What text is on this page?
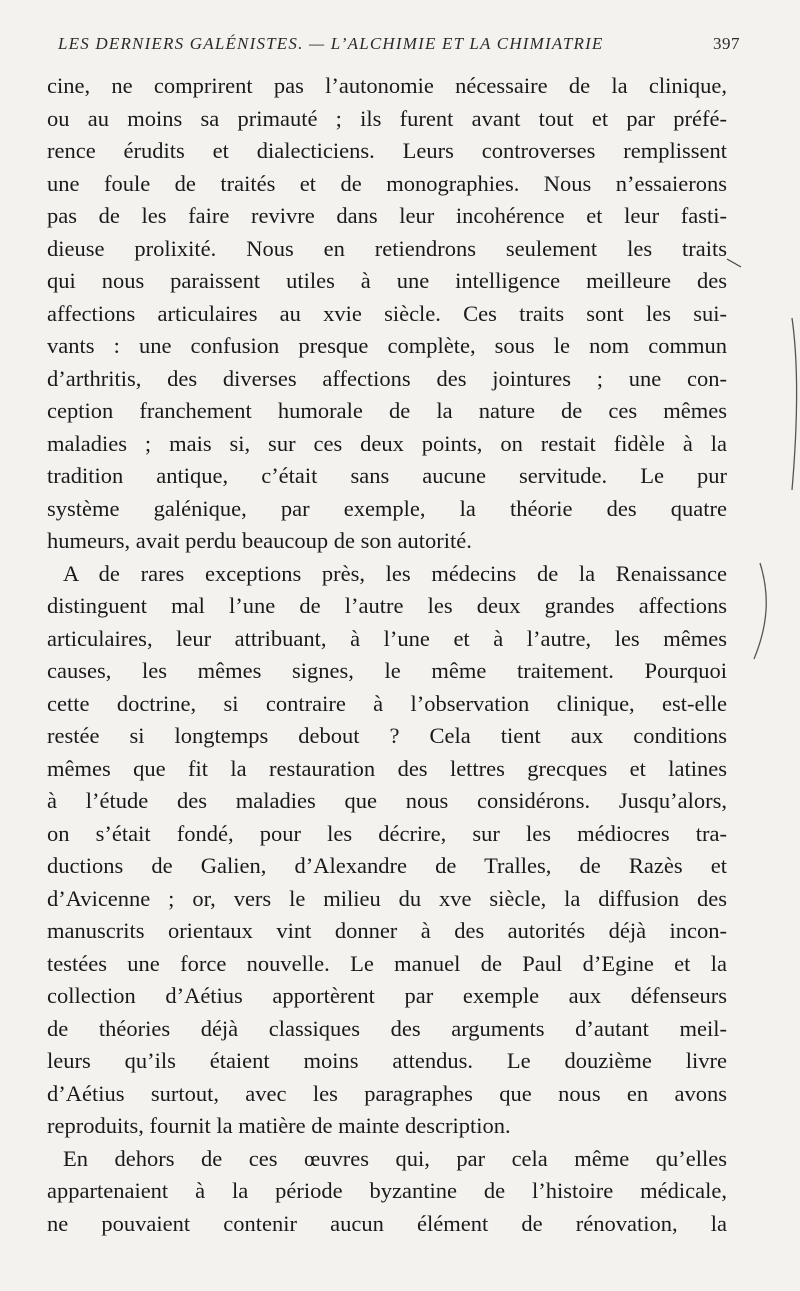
LES DERNIERS GALÉNISTES. — L’ALCHIMIE ET LA CHIMIATRIE	397
cine, ne comprirent pas l’autonomie nécessaire de la clinique,
ou au moins sa primauté ; ils furent avant tout et par préfé-
rence érudits et dialecticiens. Leurs controverses remplissent
une foule de traités et de monographies. Nous n’essaierons
pas de les faire revivre dans leur incohérence et leur fasti-
dieuse prolixité. Nous en retiendrons seulement les traits
qui nous paraissent utiles à une intelligence meilleure des
affections articulaires au xvie siècle. Ces traits sont les sui-
vants : une confusion presque complète, sous le nom commun
d’arthritis, des diverses affections des jointures ; une con-
ception franchement humorale de la nature de ces mêmes
maladies ; mais si, sur ces deux points, on restait fidèle à la
tradition antique, c’était sans aucune servitude. Le pur
système galénique, par exemple, la théorie des quatre
humeurs, avait perdu beaucoup de son autorité.
A de rares exceptions près, les médecins de la Renaissance
distinguent mal l’une de l’autre les deux grandes affections
articulaires, leur attribuant, à l’une et à l’autre, les mêmes
causes, les mêmes signes, le même traitement. Pourquoi
cette doctrine, si contraire à l’observation clinique, est-elle
restée si longtemps debout ? Cela tient aux conditions
mêmes que fit la restauration des lettres grecques et latines
à l’étude des maladies que nous considérons. Jusqu’alors,
on s’était fondé, pour les décrire, sur les médiocres tra-
ductions de Galien, d’Alexandre de Tralles, de Razès et
d’Avicenne ; or, vers le milieu du xve siècle, la diffusion des
manuscrits orientaux vint donner à des autorités déjà incon-
testées une force nouvelle. Le manuel de Paul d’Egine et la
collection d’Aétius apportèrent par exemple aux défenseurs
de théories déjà classiques des arguments d’autant meil-
leurs qu’ils étaient moins attendus. Le douzième livre
d’Aétius surtout, avec les paragraphes que nous en avons
reproduits, fournit la matière de mainte description.
En dehors de ces œuvres qui, par cela même qu’elles
appartenaient à la période byzantine de l’histoire médicale,
ne pouvaient contenir aucun élément de rénovation, la
